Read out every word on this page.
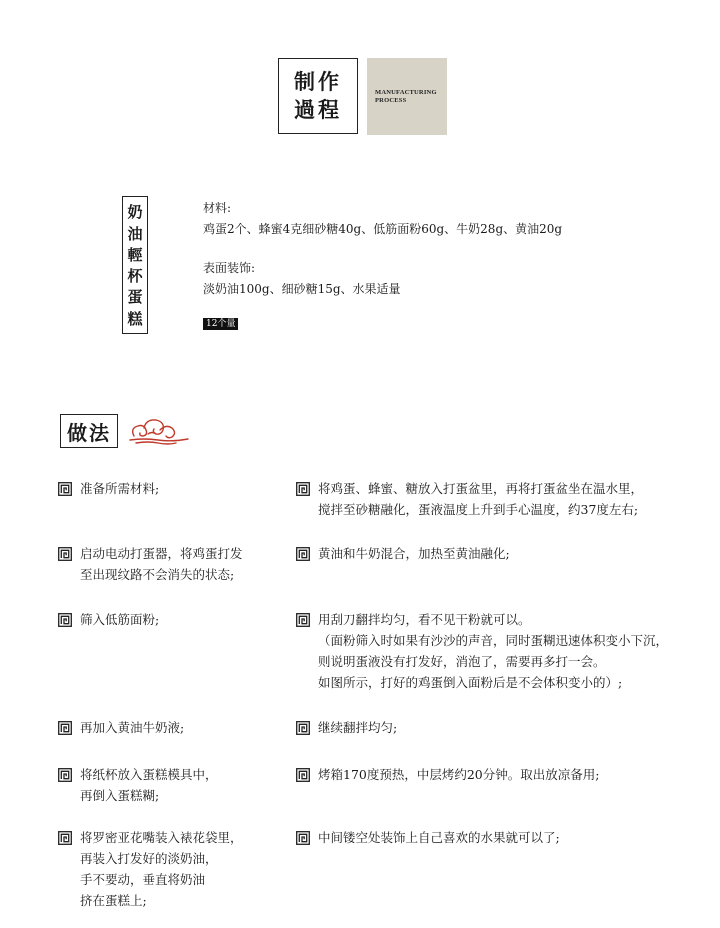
制作
過程
MANUFACTURING
PROCESS
奶
油
輕
杯
蛋
糕
材料:
鸡蛋2个、蜂蜜4克细砂糖40g、低筋面粉60g、牛奶28g、黄油20g
表面装饰:
淡奶油100g、细砂糖15g、水果适量
12个量
做法
准备所需材料;
启动电动打蛋器，将鸡蛋打发
至出现纹路不会消失的状态;
筛入低筋面粉;
再加入黄油牛奶液;
将纸杯放入蛋糕模具中，
再倒入蛋糕糊;
将罗密亚花嘴装入裱花袋里，
再装入打发好的淡奶油，
手不要动，垂直将奶油
挤在蛋糕上;
将鸡蛋、蜂蜜、糖放入打蛋盆里，再将打蛋盆坐在温水里，
搅拌至砂糖融化，蛋液温度上升到手心温度，约37度左右;
黄油和牛奶混合，加热至黄油融化;
用刮刀翻拌均匀，看不见干粉就可以。
（面粉筛入时如果有沙沙的声音，同时蛋糊迅速体积变小下沉，
则说明蛋液没有打发好，消泡了，需要再多打一会。
如图所示，打好的鸡蛋倒入面粉后是不会体积变小的）;
继续翻拌均匀;
烤箱170度预热，中层烤约20分钟。取出放凉备用;
中间镂空处装饰上自己喜欢的水果就可以了;
